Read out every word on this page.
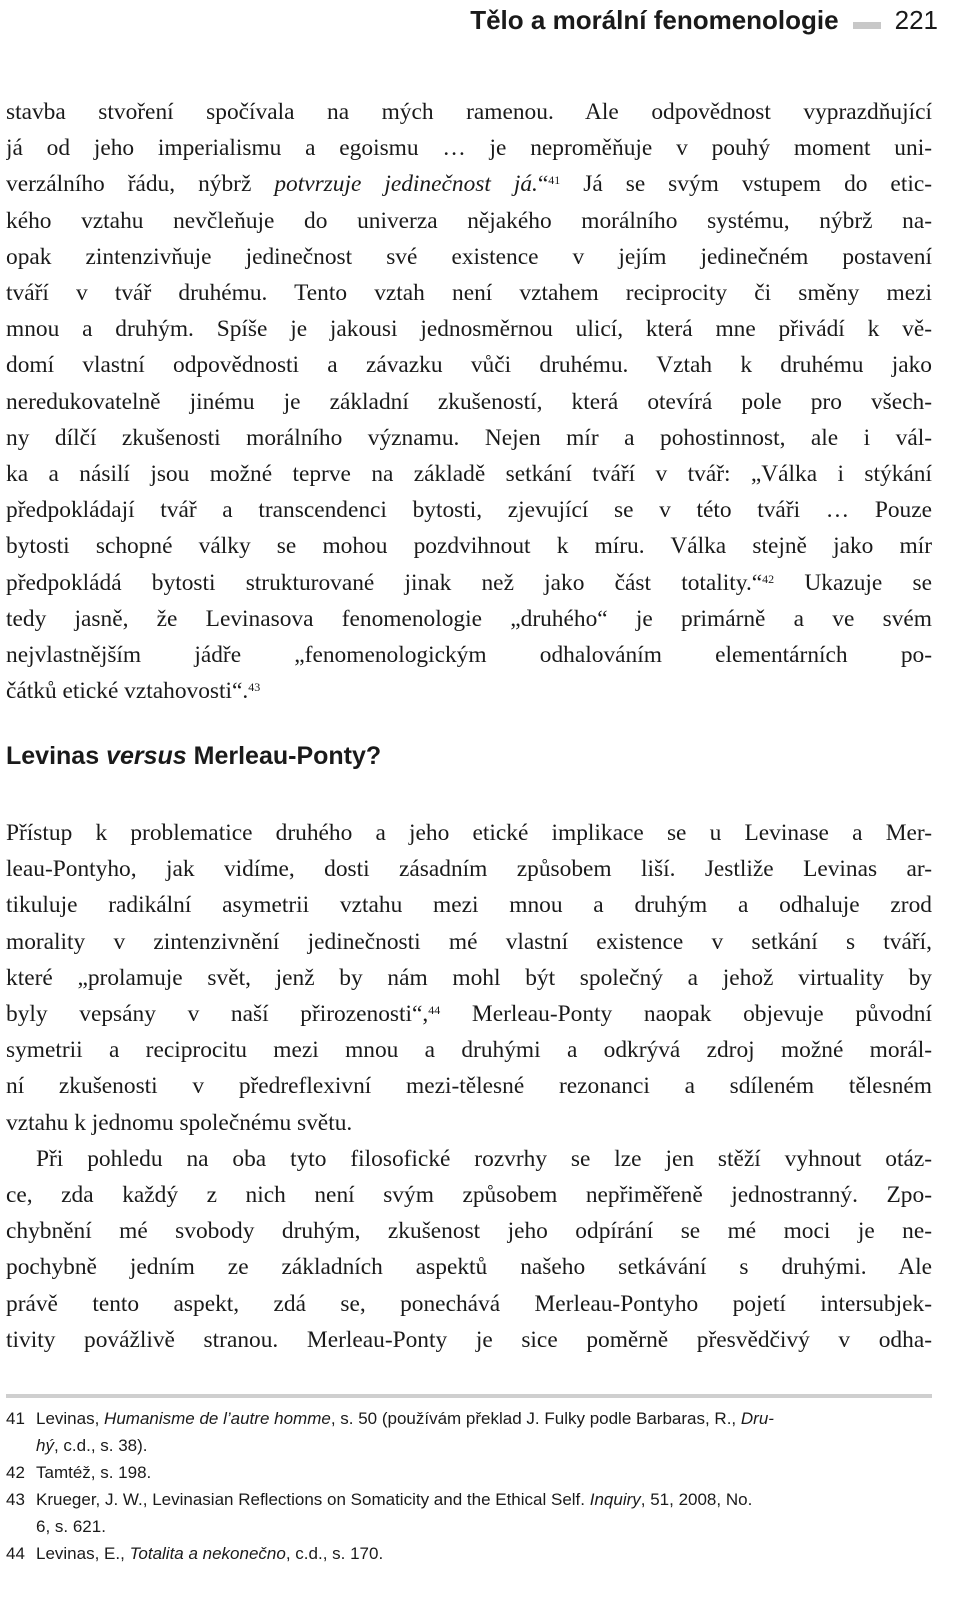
Tělo a morální fenomenologie 221
stavba stvoření spočívala na mých ramenou. Ale odpovědnost vyprazdňující
já od jeho imperialismu a egoismu … je neproměňuje v pouhý moment uni-
verzálního řádu, nýbrž potvrzuje jedinečnost já.“$^{41}$ Já se svým vstupem do etic-
kého vztahu nevčleňuje do univerza nějakého morálního systému, nýbrž na-
opak zintenzivňuje jedinečnost své existence v jejím jedinečném postavení
tváří v tvář druhému. Tento vztah není vztahem reciprocity či směny mezi
mnou a druhým. Spíše je jakousi jednosměrnou ulicí, která mne přivádí k vě-
domí vlastní odpovědnosti a závazku vůči druhému. Vztah k druhému jako
neredukovatelně jinému je základní zkušeností, která otevírá pole pro všech-
ny dílčí zkušenosti morálního významu. Nejen mír a pohostinnost, ale i vál-
ka a násilí jsou možné teprve na základě setkání tváří v tvář: „Válka i stýkání
předpokládají tvář a transcendenci bytosti, zjevující se v této tváři … Pouze
bytosti schopné války se mohou pozdvihnout k míru. Válka stejně jako mír
předpokládá bytosti strukturované jinak než jako část totality.“$^{42}$ Ukazuje se
tedy jasně, že Levinasova fenomenologie „druhého“ je primárně a ve svém
nejvlastnějším jádře „fenomenologickým odhalováním elementárních po-
čátků etické vztahovosti“.$^{43}$
Levinas versus Merleau-Ponty?
Přístup k problematice druhého a jeho etické implikace se u Levinase a Mer-
leau-Pontyho, jak vidíme, dosti zásadním způsobem liší. Jestliže Levinas ar-
tikuluje radikální asymetrii vztahu mezi mnou a druhým a odhaluje zrod
morality v zintenzivnění jedinečnosti mé vlastní existence v setkání s tváří,
které „prolamuje svět, jenž by nám mohl být společný a jehož virtuality by
byly vepsány v naší přirozenosti“,$^{44}$ Merleau-Ponty naopak objevuje původní
symetrii a reciprocitu mezi mnou a druhými a odkrývá zdroj možné morál-
ní zkušenosti v předreflexivní mezi-tělesné rezonanci a sdíleném tělesném
vztahu k jednomu společnému světu.
Při pohledu na oba tyto filosofické rozvrhy se lze jen stěží vyhnout otáz-
ce, zda každý z nich není svým způsobem nepřiměřeně jednostranný. Zpo-
chybnění mé svobody druhým, zkušenost jeho odpírání se mé moci je ne-
pochybně jedním ze základních aspektů našeho setkávání s druhými. Ale
právě tento aspekt, zdá se, ponechává Merleau-Pontyho pojetí intersubjek-
tivity povážlivě stranou. Merleau-Ponty je sice poměrně přesvědčivý v odha-
41 Levinas, Humanisme de l’autre homme, s. 50 (používám překlad J. Fulky podle Barbaras, R., Dru-
hý, c.d., s. 38).
42 Tamtéž, s. 198.
43 Krueger, J. W., Levinasian Reflections on Somaticity and the Ethical Self. Inquiry, 51, 2008, No.
6, s. 621.
44 Levinas, E., Totalita a nekonečno, c.d., s. 170.
